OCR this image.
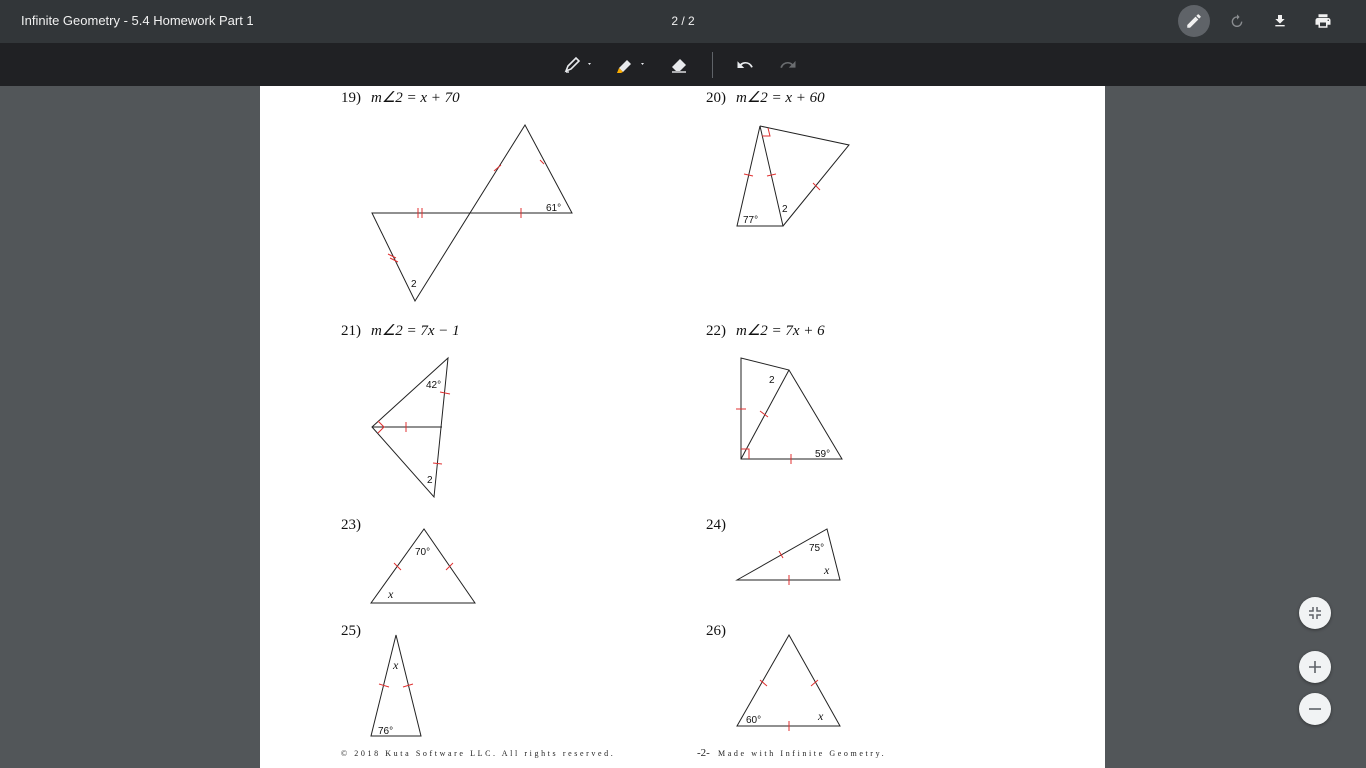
Infinite Geometry - 5.4 Homework Part 1	2 / 2
19) m∠2 = x + 70
61°
2
20) m∠2 = x + 60
77°
2
21) m∠2 = 7x − 1
42°
2
22) m∠2 = 7x + 6
2
59°
23)
70°
x
24)
75°
x
25)
x
76°
26)
60°	x
© 2018 Kuta Software LLC. All rights reserved.	-2- Made with Infinite Geometry.
